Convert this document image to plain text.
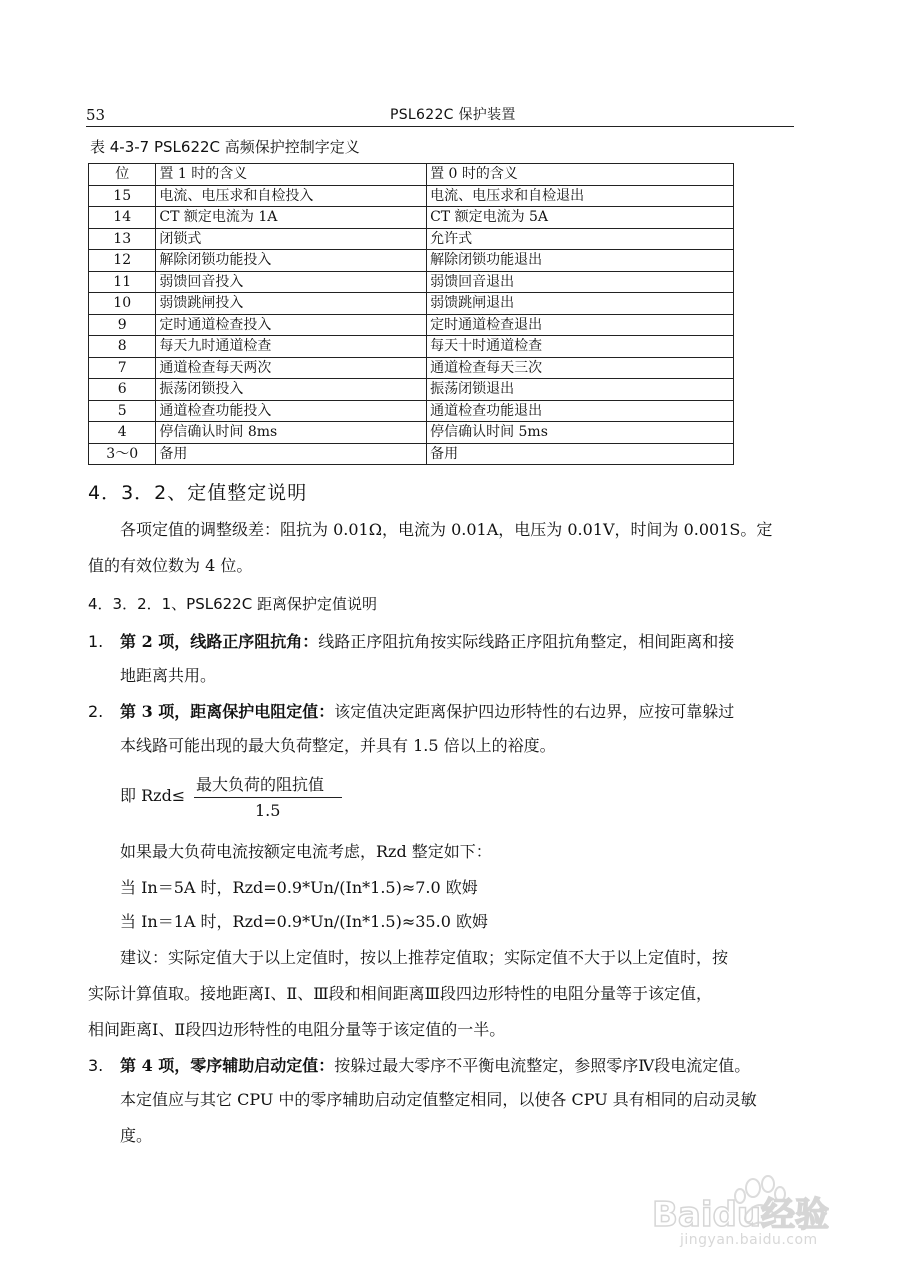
53	PSL622C 保护装置
表 4-3-7 PSL622C 高频保护控制字定义
位	置 1 时的含义	置 0 时的含义
15	电流、电压求和自检投入	电流、电压求和自检退出
14	CT 额定电流为 1A	CT 额定电流为 5A
13	闭锁式	允许式
12	解除闭锁功能投入	解除闭锁功能退出
11	弱馈回音投入	弱馈回音退出
10	弱馈跳闸投入	弱馈跳闸退出
9	定时通道检查投入	定时通道检查退出
8	每天九时通道检查	每天十时通道检查
7	通道检查每天两次	通道检查每天三次
6	振荡闭锁投入	振荡闭锁退出
5	通道检查功能投入	通道检查功能退出
4	停信确认时间 8ms	停信确认时间 5ms
3～0	备用	备用
4．3．2、定值整定说明
各项定值的调整级差：阻抗为 0.01Ω，电流为 0.01A，电压为 0.01V，时间为 0.001S。定
值的有效位数为 4 位。
4．3．2．1、PSL622C 距离保护定值说明
1. 第 2 项，线路正序阻抗角：线路正序阻抗角按实际线路正序阻抗角整定，相间距离和接
地距离共用。
2. 第 3 项，距离保护电阻定值：该定值决定距离保护四边形特性的右边界，应按可靠躲过
本线路可能出现的最大负荷整定，并具有 1.5 倍以上的裕度。
即 Rzd≤
最大负荷的阻抗值
1.5
如果最大负荷电流按额定电流考虑，Rzd 整定如下：
当 In＝5A 时，Rzd=0.9*Un/(In*1.5)≈7.0 欧姆
当 In＝1A 时，Rzd=0.9*Un/(In*1.5)≈35.0 欧姆
建议：实际定值大于以上定值时，按以上推荐定值取；实际定值不大于以上定值时，按
实际计算值取。接地距离Ⅰ、Ⅱ、Ⅲ段和相间距离Ⅲ段四边形特性的电阻分量等于该定值，
相间距离Ⅰ、Ⅱ段四边形特性的电阻分量等于该定值的一半。
3. 第 4 项，零序辅助启动定值：按躲过最大零序不平衡电流整定，参照零序Ⅳ段电流定值。
本定值应与其它 CPU 中的零序辅助启动定值整定相同，以使各 CPU 具有相同的启动灵敏
度。
Baidu经验
jingyan.baidu.com
